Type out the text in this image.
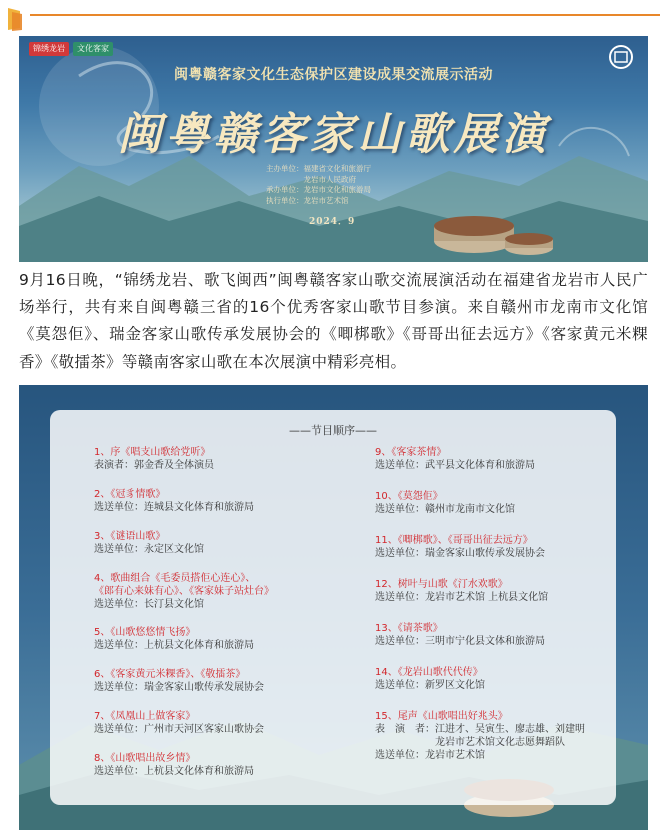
锦绣龙岩	文化客家
闽粤赣客家文化生态保护区建设成果交流展示活动
闽粤赣客家山歌展演
主办单位：福建省文化和旅游厅
　　　　　龙岩市人民政府
承办单位：龙岩市文化和旅游局
执行单位：龙岩市艺术馆
2024．9

9月16日晚，“锦绣龙岩、歌飞闽西”闽粤赣客家山歌交流展演活动在福建省龙岩市人民广场举行，共有来自闽粤赣三省的16个优秀客家山歌节目参演。来自赣州市龙南市文化馆《莫怨佢》、瑞金客家山歌传承发展协会的《唧梆歌》《哥哥出征去远方》《客家黄元米粿香》《敬擂茶》等赣南客家山歌在本次展演中精彩亮相。

——节目顺序——
1、序《唱支山歌给党听》
表演者：郭金香及全体演员
2、《冠豸情歌》
选送单位：连城县文化体育和旅游局
3、《谜语山歌》
选送单位：永定区文化馆
4、歌曲组合《毛委员搭佢心连心》、
《郎有心来妹有心》、《客家妹子站灶台》
选送单位：长汀县文化馆
5、《山歌悠悠情飞扬》
选送单位：上杭县文化体育和旅游局
6、《客家黄元米粿香》、《敬擂茶》
选送单位：瑞金客家山歌传承发展协会
7、《凤凰山上做客家》
选送单位：广州市天河区客家山歌协会
8、《山歌唱出故乡情》
选送单位：上杭县文化体育和旅游局
9、《客家茶情》
选送单位：武平县文化体育和旅游局
10、《莫怨佢》
选送单位：赣州市龙南市文化馆
11、《唧梆歌》、《哥哥出征去远方》
选送单位：瑞金客家山歌传承发展协会
12、树叶与山歌《汀水欢歌》
选送单位：龙岩市艺术馆 上杭县文化馆
13、《请茶歌》
选送单位：三明市宁化县文体和旅游局
14、《龙岩山歌代代传》
选送单位：新罗区文化馆
15、尾声《山歌唱出好兆头》
表　演　者：江进才、吴寅生、廖志雄、刘建明
　　　　　　龙岩市艺术馆文化志愿舞蹈队
选送单位：龙岩市艺术馆
